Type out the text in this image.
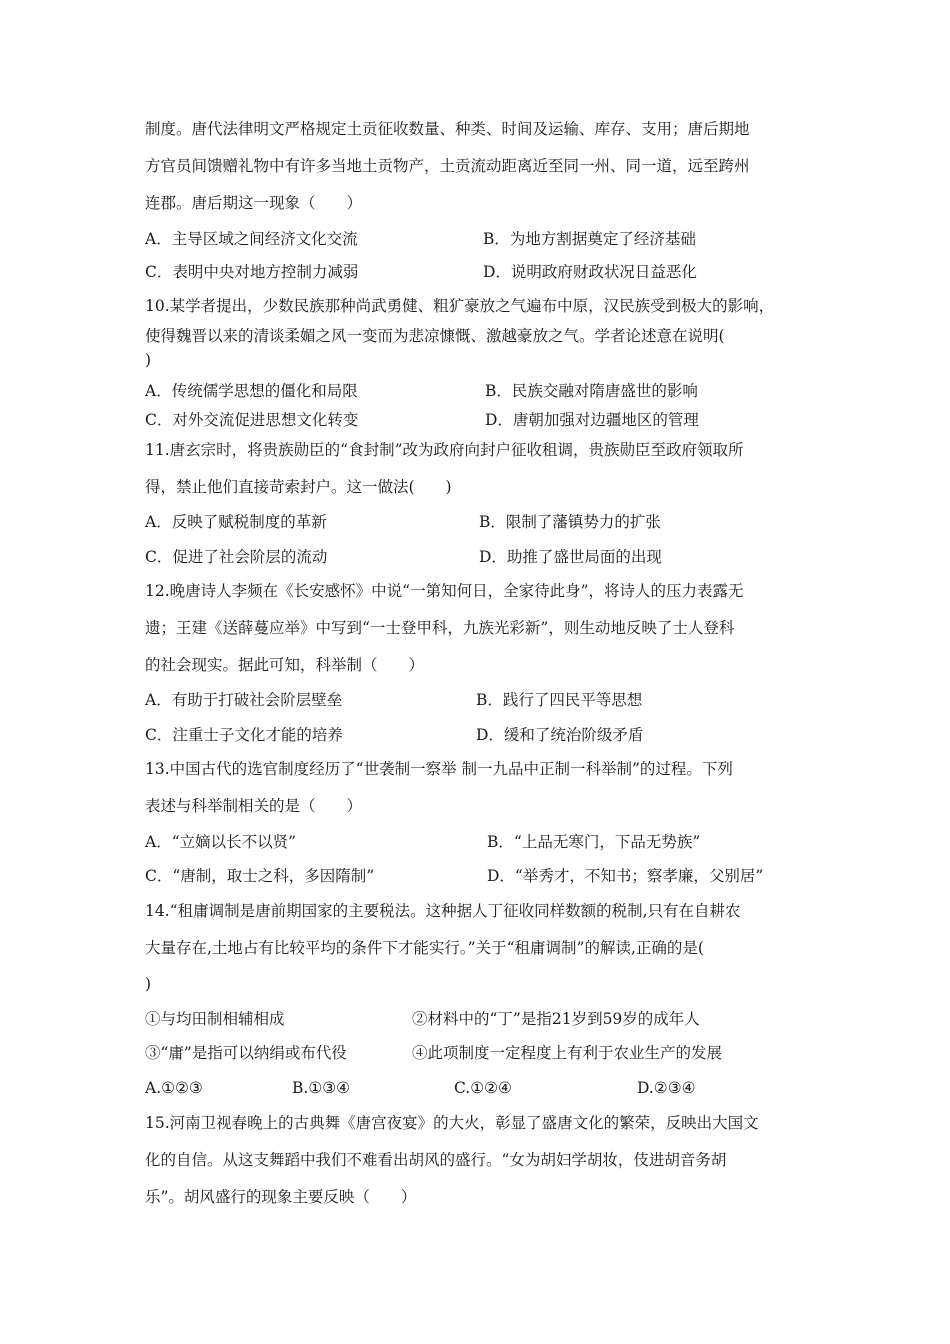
制度。唐代法律明文严格规定土贡征收数量、种类、时间及运输、库存、支用；唐后期地
方官员间馈赠礼物中有许多当地土贡物产，土贡流动距离近至同一州、同一道，远至跨州
连郡。唐后期这一现象（　　）
A．主导区域之间经济文化交流	B．为地方割据奠定了经济基础
C．表明中央对地方控制力减弱	D．说明政府财政状况日益恶化
10.某学者提出，少数民族那种尚武勇健、粗犷豪放之气遍布中原，汉民族受到极大的影响，
使得魏晋以来的清谈柔媚之风一变而为悲凉慷慨、激越豪放之气。学者论述意在说明(
)
A．传统儒学思想的僵化和局限	B．民族交融对隋唐盛世的影响
C．对外交流促进思想文化转变	D．唐朝加强对边疆地区的管理
11.唐玄宗时，将贵族勋臣的“食封制”改为政府向封户征收租调，贵族勋臣至政府领取所
得，禁止他们直接苛索封户。这一做法(　　)
A．反映了赋税制度的革新	B．限制了藩镇势力的扩张
C．促进了社会阶层的流动	D．助推了盛世局面的出现
12.晚唐诗人李频在《长安感怀》中说“一第知何日，全家待此身”，将诗人的压力表露无
遗；王建《送薛蔓应举》中写到“一士登甲科，九族光彩新”，则生动地反映了士人登科
的社会现实。据此可知，科举制（　　）
A．有助于打破社会阶层壁垒	B．践行了四民平等思想
C．注重士子文化才能的培养	D．缓和了统治阶级矛盾
13.中国古代的选官制度经历了“世袭制一察举 制一九品中正制一科举制”的过程。下列
表述与科举制相关的是（　　）
A．“立嫡以长不以贤”	B．“上品无寒门，下品无势族”
C．“唐制，取士之科，多因隋制”	D．“举秀才，不知书；察孝廉，父别居”
14.“租庸调制是唐前期国家的主要税法。这种据人丁征收同样数额的税制,只有在自耕农
大量存在,土地占有比较平均的条件下才能实行。”关于“租庸调制”的解读,正确的是(
)
①与均田制相辅相成	②材料中的“丁”是指21岁到59岁的成年人
③“庸”是指可以纳绢或布代役	④此项制度一定程度上有利于农业生产的发展
A.①②③	B.①③④	C.①②④	D.②③④
15.河南卫视春晚上的古典舞《唐宫夜宴》的大火，彰显了盛唐文化的繁荣，反映出大国文
化的自信。从这支舞蹈中我们不难看出胡风的盛行。“女为胡妇学胡妆，伎进胡音务胡
乐”。胡风盛行的现象主要反映（　　）
